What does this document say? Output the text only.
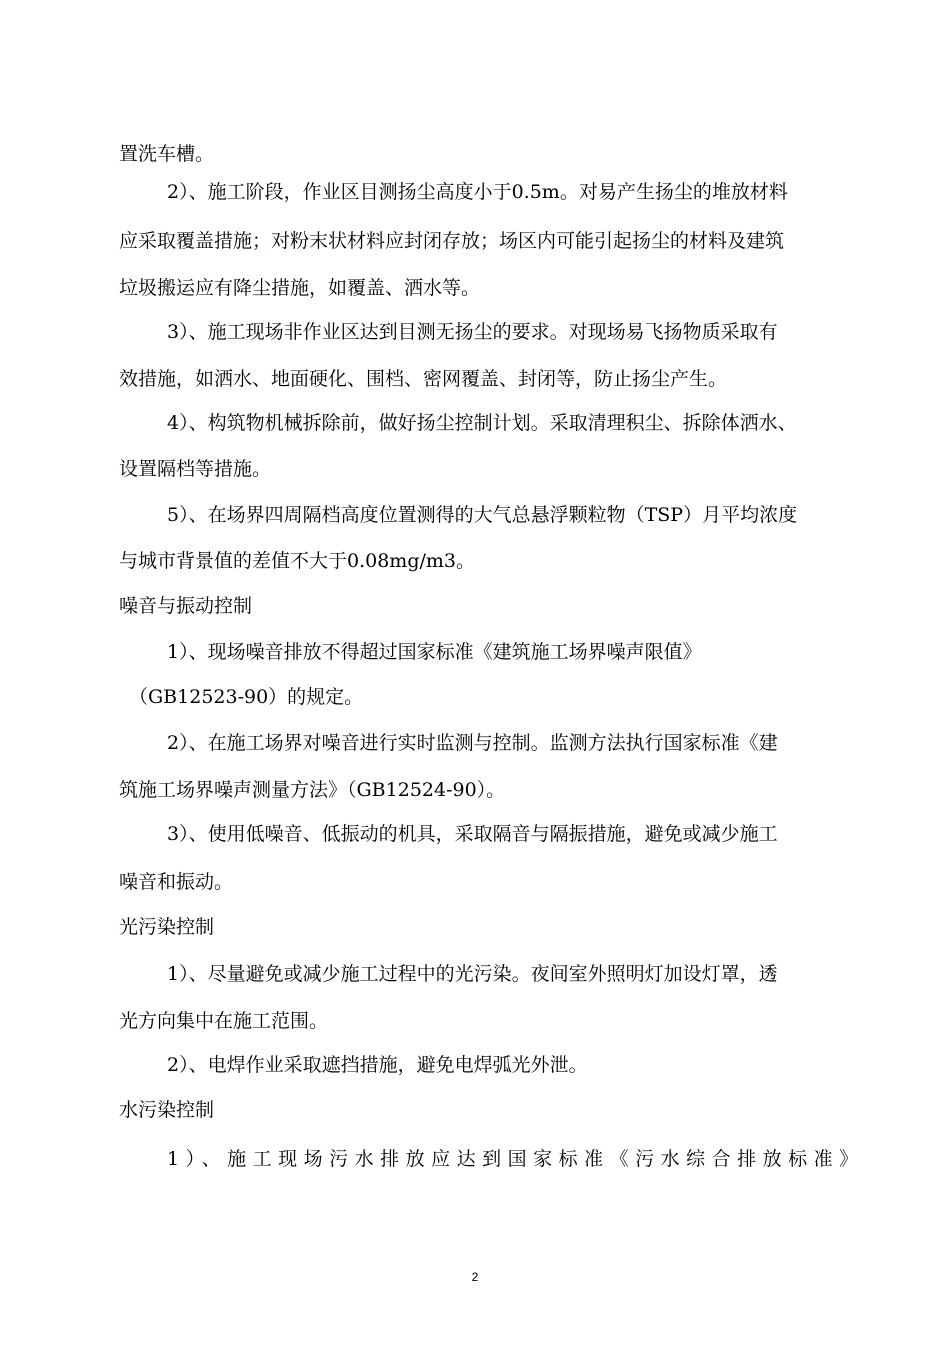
置洗车槽。
2）、施工阶段，作业区目测扬尘高度小于0.5m。对易产生扬尘的堆放材料
应采取覆盖措施；对粉末状材料应封闭存放；场区内可能引起扬尘的材料及建筑
垃圾搬运应有降尘措施，如覆盖、洒水等。
3）、施工现场非作业区达到目测无扬尘的要求。对现场易飞扬物质采取有
效措施，如洒水、地面硬化、围档、密网覆盖、封闭等，防止扬尘产生。
4）、构筑物机械拆除前，做好扬尘控制计划。采取清理积尘、拆除体洒水、
设置隔档等措施。
5）、在场界四周隔档高度位置测得的大气总悬浮颗粒物（TSP）月平均浓度
与城市背景值的差值不大于0.08mg/m3。
噪音与振动控制
1）、现场噪音排放不得超过国家标准《建筑施工场界噪声限值》
（GB12523-90）的规定。
2）、在施工场界对噪音进行实时监测与控制。监测方法执行国家标准《建
筑施工场界噪声测量方法》（GB12524-90）。
3）、使用低噪音、低振动的机具，采取隔音与隔振措施，避免或减少施工
噪音和振动。
光污染控制
1）、尽量避免或减少施工过程中的光污染。夜间室外照明灯加设灯罩，透
光方向集中在施工范围。
2）、电焊作业采取遮挡措施，避免电焊弧光外泄。
水污染控制
1）、施工现场污水排放应达到国家标准《污水综合排放标准》
2
